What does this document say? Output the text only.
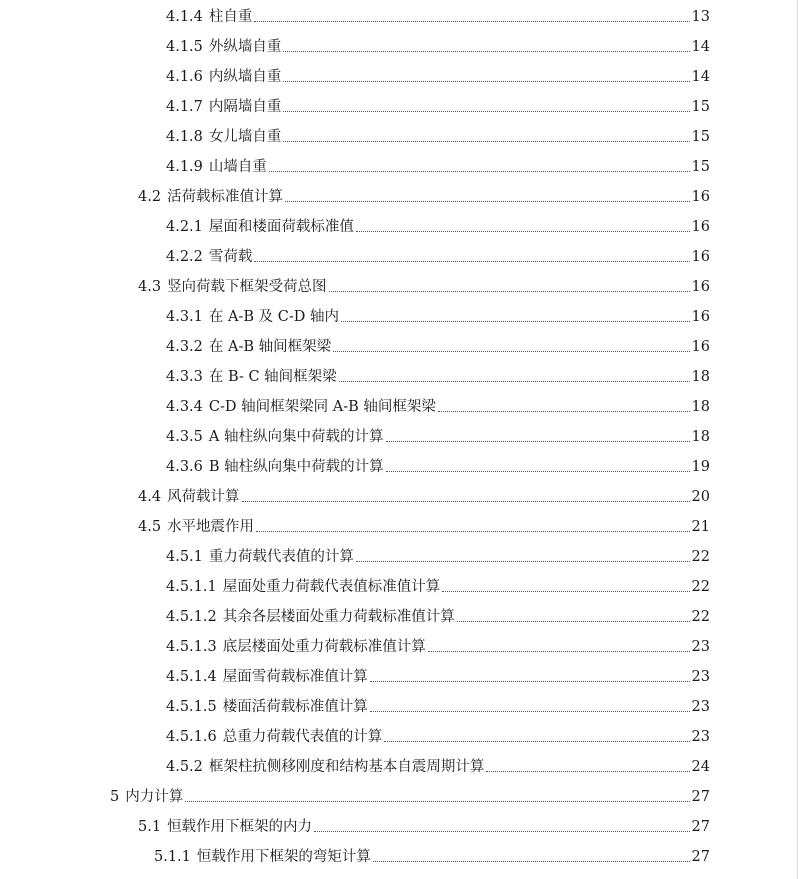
4.1.4 柱自重	13
4.1.5 外纵墙自重	14
4.1.6 内纵墙自重	14
4.1.7 内隔墙自重	15
4.1.8 女儿墙自重	15
4.1.9 山墙自重	15
4.2 活荷载标准值计算	16
4.2.1 屋面和楼面荷载标准值	16
4.2.2 雪荷载	16
4.3 竖向荷载下框架受荷总图	16
4.3.1 在 A-B 及 C-D 轴内	16
4.3.2 在 A-B 轴间框架梁	16
4.3.3 在 B- C 轴间框架梁	18
4.3.4 C-D 轴间框架梁同 A-B 轴间框架梁	18
4.3.5 A 轴柱纵向集中荷载的计算	18
4.3.6 B 轴柱纵向集中荷载的计算	19
4.4 风荷载计算	20
4.5 水平地震作用	21
4.5.1 重力荷载代表值的计算	22
4.5.1.1 屋面处重力荷载代表值标准值计算	22
4.5.1.2 其余各层楼面处重力荷载标准值计算	22
4.5.1.3 底层楼面处重力荷载标准值计算	23
4.5.1.4 屋面雪荷载标准值计算	23
4.5.1.5 楼面活荷载标准值计算	23
4.5.1.6 总重力荷载代表值的计算	23
4.5.2 框架柱抗侧移刚度和结构基本自震周期计算	24
5 内力计算	27
5.1 恒载作用下框架的内力	27
5.1.1 恒载作用下框架的弯矩计算	27
